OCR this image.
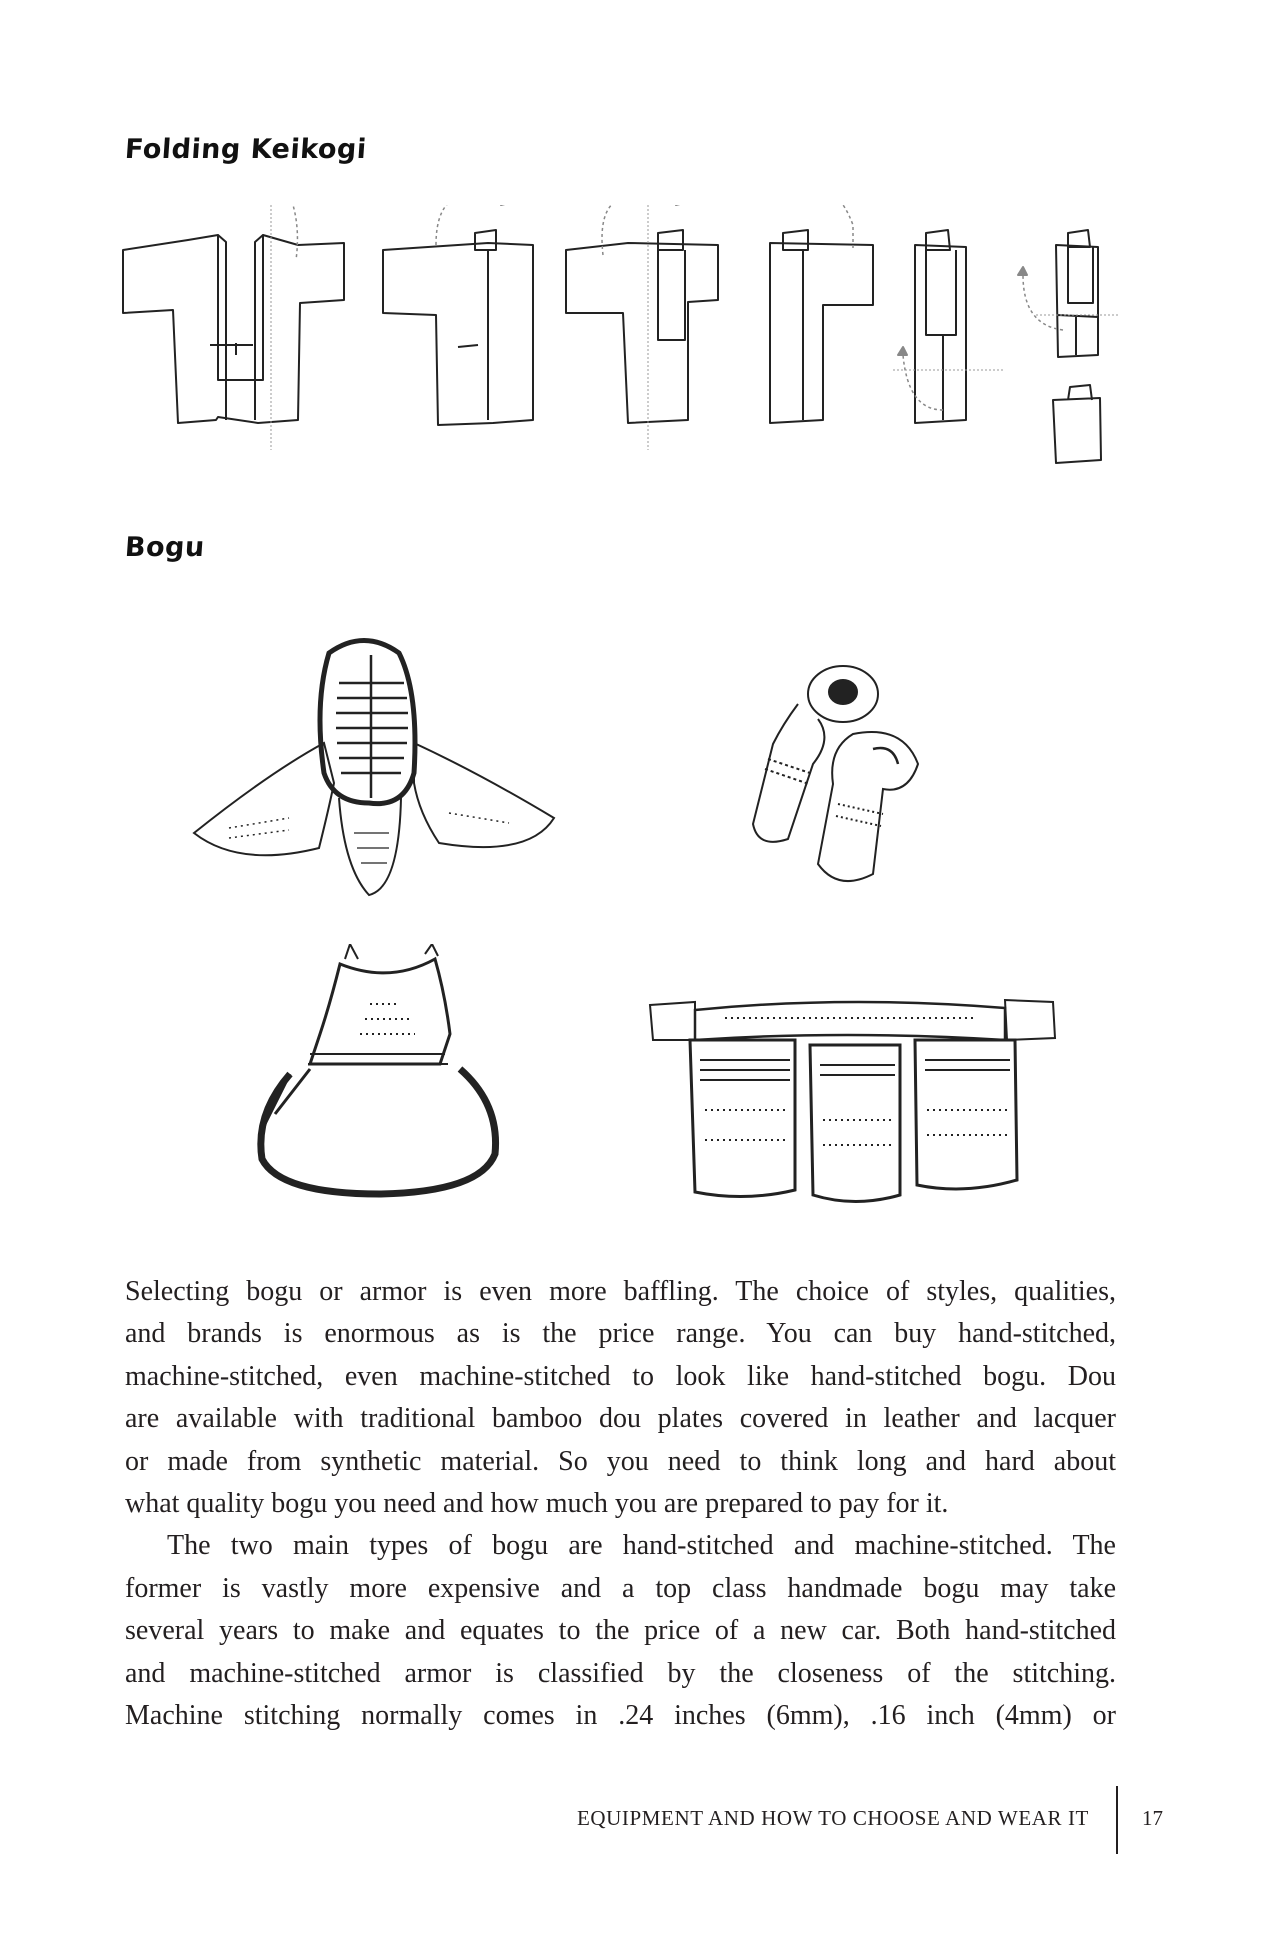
Folding Keikogi
Bogu
Selecting bogu or armor is even more baffling. The choice of styles, qualities,
and brands is enormous as is the price range. You can buy hand-stitched,
machine-stitched, even machine-stitched to look like hand-stitched bogu. Dou
are available with traditional bamboo dou plates covered in leather and lacquer
or made from synthetic material. So you need to think long and hard about
what quality bogu you need and how much you are prepared to pay for it.
The two main types of bogu are hand-stitched and machine-stitched. The
former is vastly more expensive and a top class handmade bogu may take
several years to make and equates to the price of a new car. Both hand-stitched
and machine-stitched armor is classified by the closeness of the stitching.
Machine stitching normally comes in .24 inches (6mm), .16 inch (4mm) or
EQUIPMENT AND HOW TO CHOOSE AND WEAR IT	17
